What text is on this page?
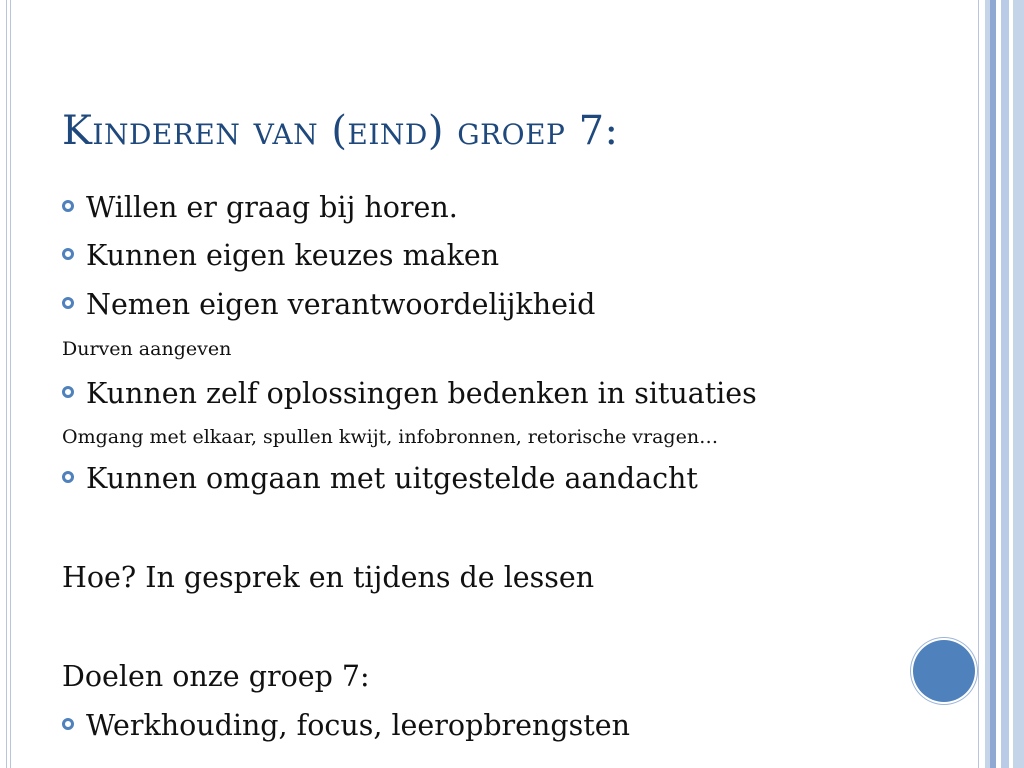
Kinderen van (eind) groep 7:

Willen er graag bij horen.

Kunnen eigen keuzes maken

Nemen eigen verantwoordelijkheid

Durven aangeven

Kunnen zelf oplossingen bedenken in situaties

Omgang met elkaar, spullen kwijt, infobronnen, retorische vragen…

Kunnen omgaan met uitgestelde aandacht

Hoe? In gesprek en tijdens de lessen

Doelen onze groep 7:

Werkhouding, focus, leeropbrengsten
